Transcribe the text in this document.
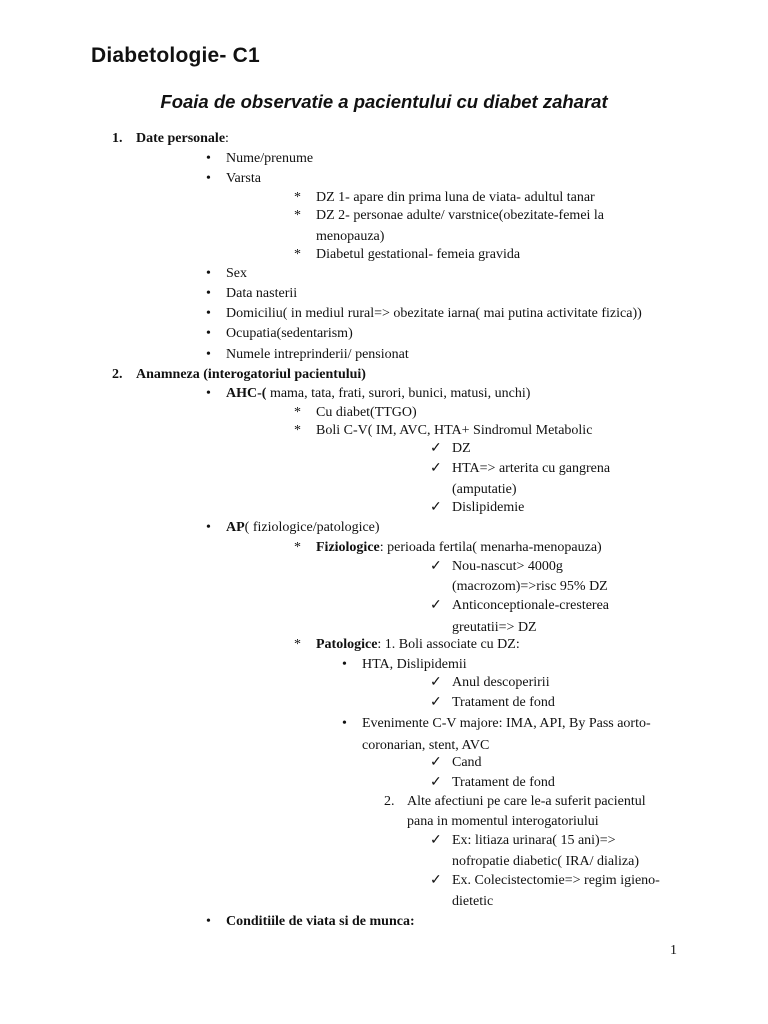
Diabetologie- C1
Foaia de observatie a pacientului cu diabet zaharat
1. Date personale:
• Nume/prenume
• Varsta
* DZ 1- apare din prima luna de viata- adultul tanar
* DZ 2- personae adulte/ varstnice(obezitate-femei la
menopauza)
* Diabetul gestational- femeia gravida
• Sex
• Data nasterii
• Domiciliu( in mediul rural=> obezitate iarna( mai putina activitate fizica))
• Ocupatia(sedentarism)
• Numele intreprinderii/ pensionat
2. Anamneza (interogatoriul pacientului)
• AHC-( mama, tata, frati, surori, bunici, matusi, unchi)
* Cu diabet(TTGO)
* Boli C-V( IM, AVC, HTA+ Sindromul Metabolic
✓ DZ
✓ HTA=> arterita cu gangrena
(amputatie)
✓ Dislipidemie
• AP( fiziologice/patologice)
* Fiziologice: perioada fertila( menarha-menopauza)
✓ Nou-nascut> 4000g
(macrozom)=>risc 95% DZ
✓ Anticonceptionale-cresterea
greutatii=> DZ
* Patologice: 1. Boli associate cu DZ:
• HTA, Dislipidemii
✓ Anul descoperirii
✓ Tratament de fond
• Evenimente C-V majore: IMA, API, By Pass aorto-
coronarian, stent, AVC
✓ Cand
✓ Tratament de fond
2. Alte afectiuni pe care le-a suferit pacientul
pana in momentul interogatoriului
✓ Ex: litiaza urinara( 15 ani)=>
nofropatie diabetic( IRA/ dializa)
✓ Ex. Colecistectomie=> regim igieno-
dietetic
• Conditiile de viata si de munca:
1
